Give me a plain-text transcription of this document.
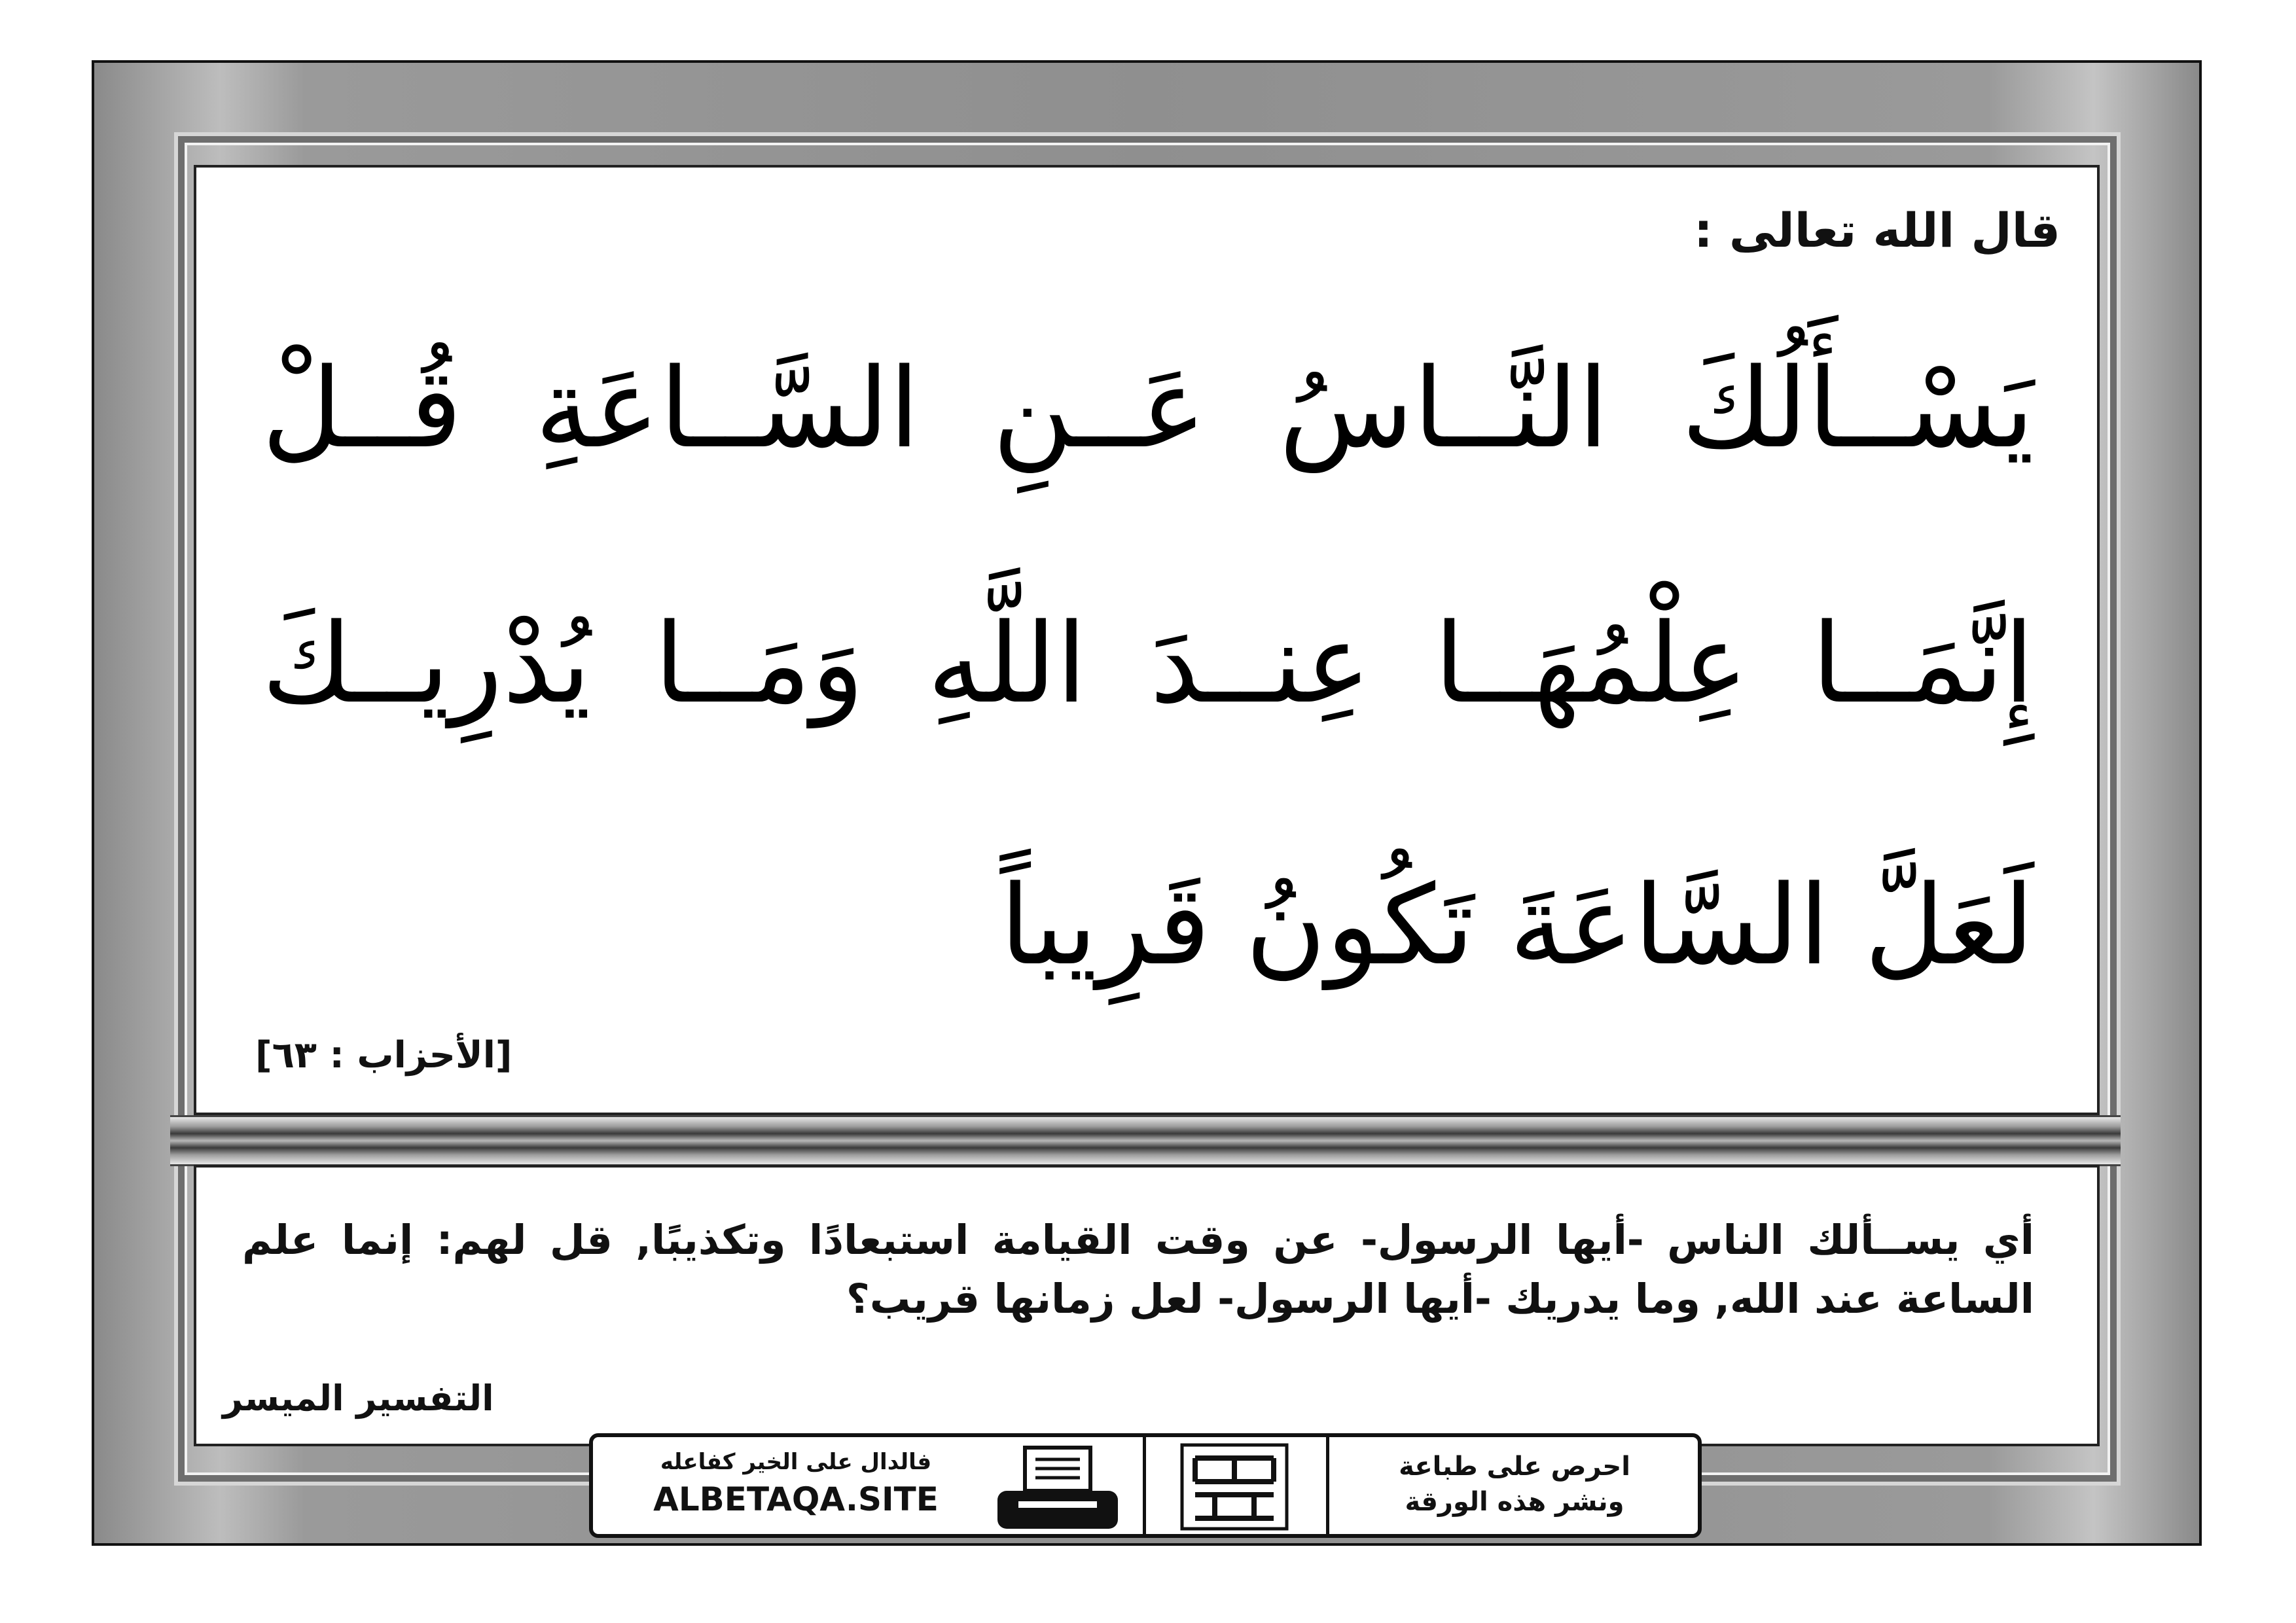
قال الله تعالى :
يَسْــأَلُكَ النَّــاسُ عَــنِ السَّــاعَةِ قُــلْ
إِنَّمَــا عِلْمُهَــا عِنــدَ اللَّهِ وَمَــا يُدْرِيــكَ
لَعَلَّ السَّاعَةَ تَكُونُ قَرِيباً
[الأحزاب : ٦٣]
أي يســألك الناس -أيها الرسول- عن وقت القيامة استبعادًا وتكذيبًا, قل لهم: إنما علم الساعة عند الله, وما يدريك -أيها الرسول- لعل زمانها قريب؟
التفسير الميسر
فالدال على الخير كفاعله
ALBETAQA.SITE
احرص على طباعة
ونشر هذه الورقة
